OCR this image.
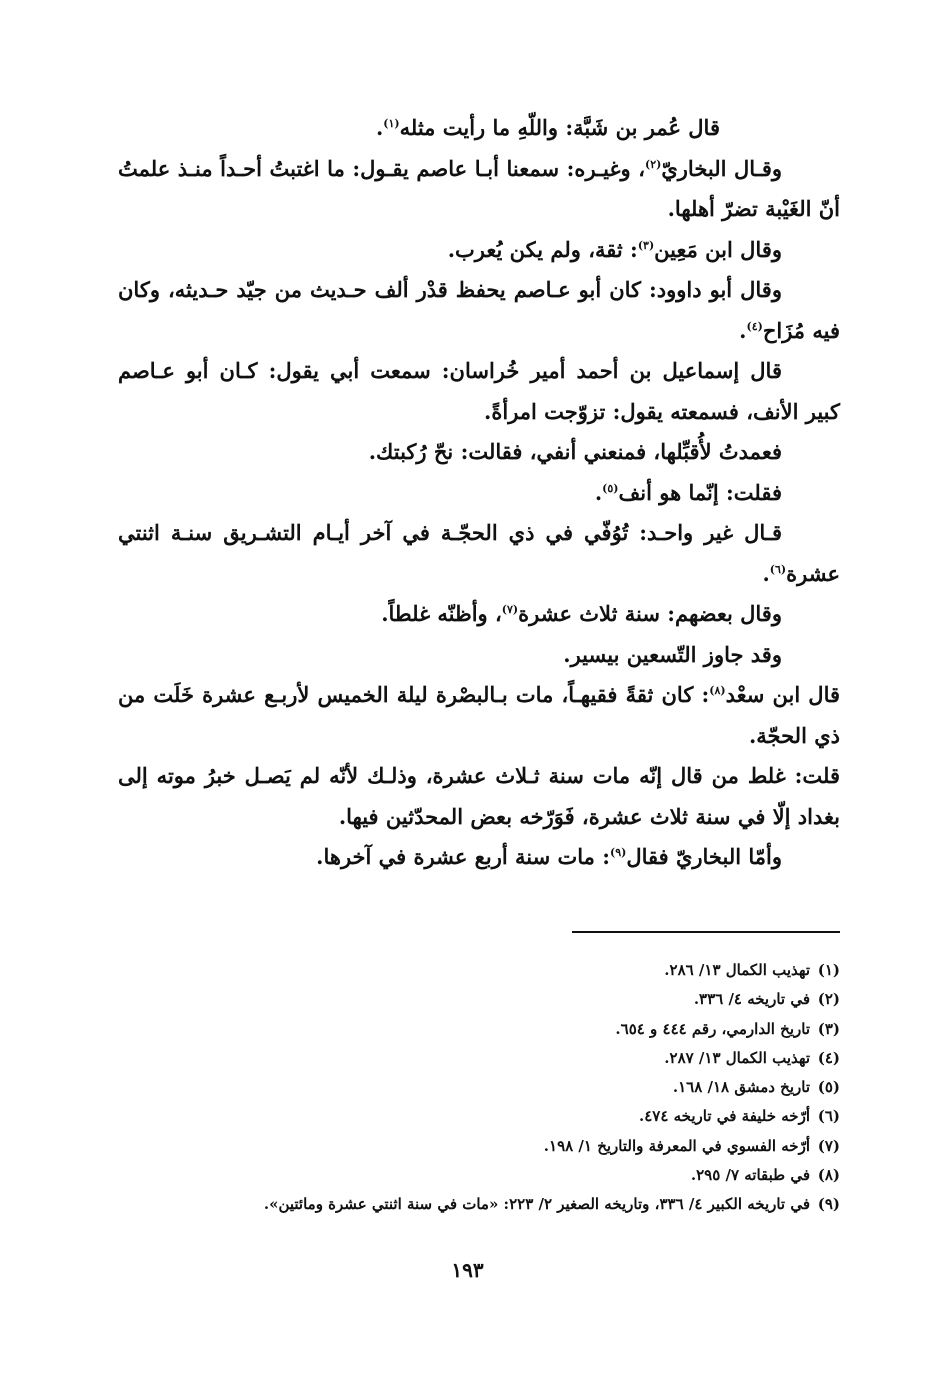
قال عُمر بن شَبَّة: واللّهِ ما رأيت مثله$^{(١)}$.

وقـال البخاريّ$^{(٢)}$، وغيـره: سمعنا أبـا عاصم يقـول: ما اغتبتُ أحـداً منـذ علمتُ أنّ الغَيْبة تضرّ أهلها.

وقال ابن مَعِين$^{(٣)}$: ثقة، ولم يكن يُعرب.

وقال أبو داوود: كان أبو عـاصم يحفظ قدْر ألف حـديث من جيّد حـديثه، وكان فيه مُزَاح$^{(٤)}$.

قال إسماعيل بن أحمد أمير خُراسان: سمعت أبي يقول: كـان أبو عـاصم كبير الأنف، فسمعته يقول: تزوّجت امرأةً.

فعمدتُ لأُقبِّلها، فمنعني أنفي، فقالت: نحّ رُكبتك.

فقلت: إنّما هو أنف$^{(٥)}$.

قـال غير واحـد: تُوُفّي في ذي الحجّـة في آخر أيـام التشـريق سنـة اثنتي عشرة$^{(٦)}$.

وقال بعضهم: سنة ثلاث عشرة$^{(٧)}$، وأظنّه غلطاً.

وقد جاوز التّسعين بيسير.

قال ابن سعْد$^{(٨)}$: كان ثقةً فقيهـاً، مات بـالبصْرة ليلة الخميس لأربـع عشرة خَلَت من ذي الحجّة.

قلت: غلط من قال إنّه مات سنة ثـلاث عشرة، وذلـك لأنّه لم يَصـل خبرُ موته إلى بغداد إلّا في سنة ثلاث عشرة، فَوَرّخه بعض المحدّثين فيها.

وأمّا البخاريّ فقال$^{(٩)}$: مات سنة أربع عشرة في آخرها.

(١)تهذيب الكمال ١٣/ ٢٨٦.
(٢)في تاريخه ٤/ ٣٣٦.
(٣)تاريخ الدارمي، رقم ٤٤٤ و ٦٥٤.
(٤)تهذيب الكمال ١٣/ ٢٨٧.
(٥)تاريخ دمشق ١٨/ ١٦٨.
(٦)أرّخه خليفة في تاريخه ٤٧٤.
(٧)أرّخه الفسوي في المعرفة والتاريخ ١/ ١٩٨.
(٨)في طبقاته ٧/ ٢٩٥.
(٩)في تاريخه الكبير ٤/ ٣٣٦، وتاريخه الصغير ٢/ ٢٢٣: «مات في سنة اثنتي عشرة ومائتين».
١٩٣
